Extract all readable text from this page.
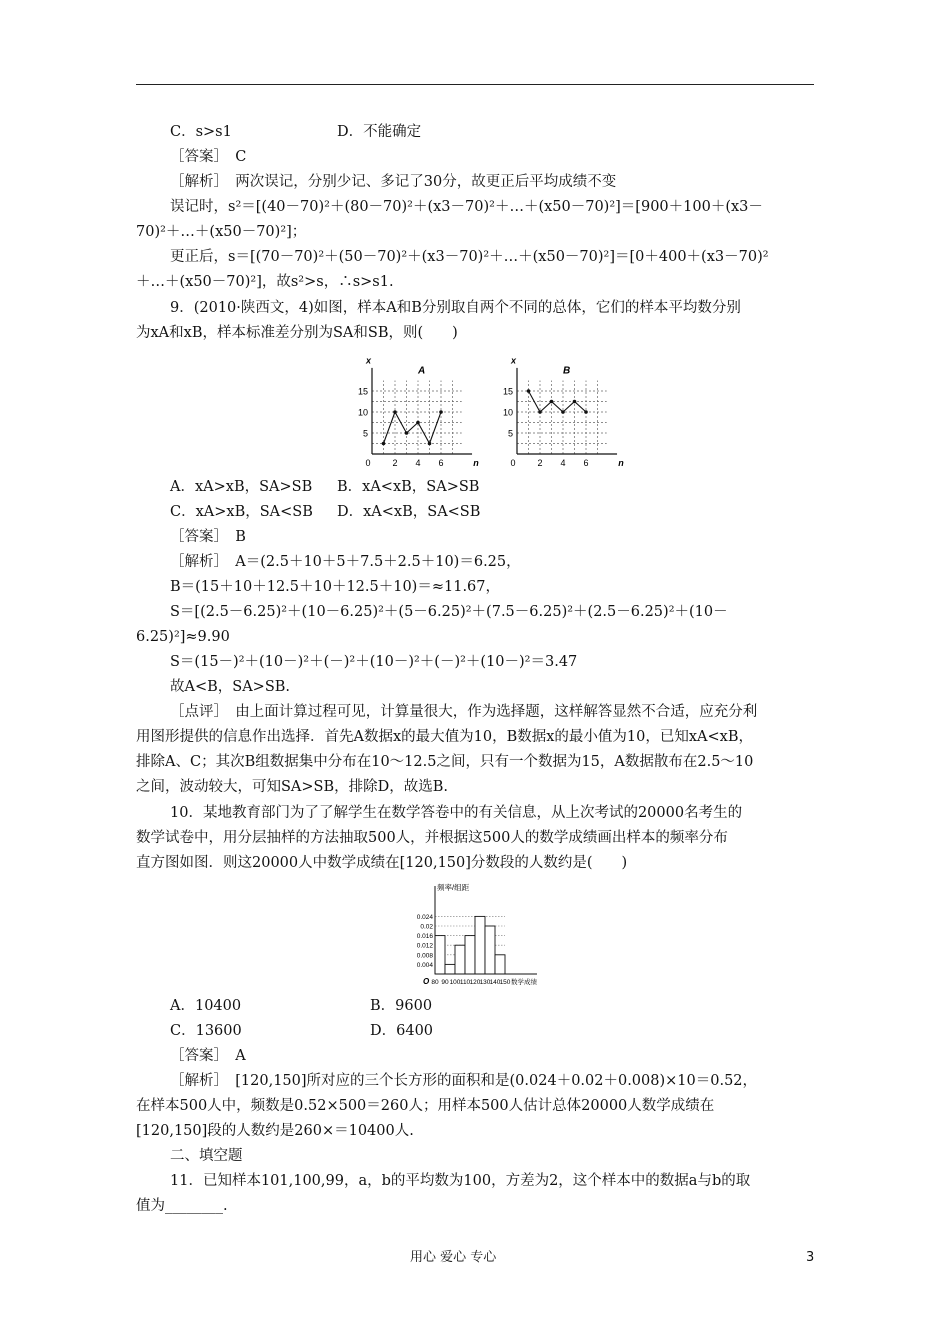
C．s>s1	D．不能确定
［答案］　C
［解析］　两次误记，分别少记、多记了30分，故更正后平均成绩不变
误记时，s²＝[(40－70)²＋(80－70)²＋(x3－70)²＋…＋(x50－70)²]＝[900＋100＋(x3－
70)²＋…＋(x50－70)²]；
更正后，s＝[(70－70)²＋(50－70)²＋(x3－70)²＋…＋(x50－70)²]＝[0＋400＋(x3－70)²
＋…＋(x50－70)²]，故s²>s，∴s>s1.
9．(2010·陕西文，4)如图，样本A和B分别取自两个不同的总体，它们的样本平均数分别
为xA和xB，样本标准差分别为SA和SB，则(　　)
x
n
A
5
10
15
0 2 4 6
x
n
B
5
10
15
0 2 4 6
A．xA>xB，SA>SB B．xA<xB，SA>SB
C．xA>xB，SA<SB D．xA<xB，SA<SB
［答案］　B
［解析］　A＝(2.5＋10＋5＋7.5＋2.5＋10)＝6.25，
B＝(15＋10＋12.5＋10＋12.5＋10)＝≈11.67，
S＝[(2.5－6.25)²＋(10－6.25)²＋(5－6.25)²＋(7.5－6.25)²＋(2.5－6.25)²＋(10－
6.25)²]≈9.90
S＝(15－)²＋(10－)²＋(－)²＋(10－)²＋(－)²＋(10－)²＝3.47
故A<B，SA>SB.
［点评］　由上面计算过程可见，计算量很大，作为选择题，这样解答显然不合适，应充分利
用图形提供的信息作出选择．首先A数据x的最大值为10，B数据x的最小值为10，已知xA<xB，
排除A、C；其次B组数据集中分布在10～12.5之间，只有一个数据为15，A数据散布在2.5～10
之间，波动较大，可知SA>SB，排除D，故选B.
10．某地教育部门为了了解学生在数学答卷中的有关信息，从上次考试的20000名考生的
数学试卷中，用分层抽样的方法抽取500人，并根据这500人的数学成绩画出样本的频率分布
直方图如图．则这20000人中数学成绩在[120,150]分数段的人数约是(　　)
0.004
0.008
0.012
0.016
0.02
0.024
频率/组距
O 80 90 100 110 120 130 140 150 数学成绩
A．10400	B．9600
C．13600	D．6400
［答案］　A
［解析］　[120,150]所对应的三个长方形的面积和是(0.024＋0.02＋0.008)×10＝0.52，
在样本500人中，频数是0.52×500＝260人；用样本500人估计总体20000人数学成绩在
[120,150]段的人数约是260×＝10400人.
二、填空题
11．已知样本101,100,99，a，b的平均数为100，方差为2，这个样本中的数据a与b的取
值为________.
用心 爱心 专心	3
